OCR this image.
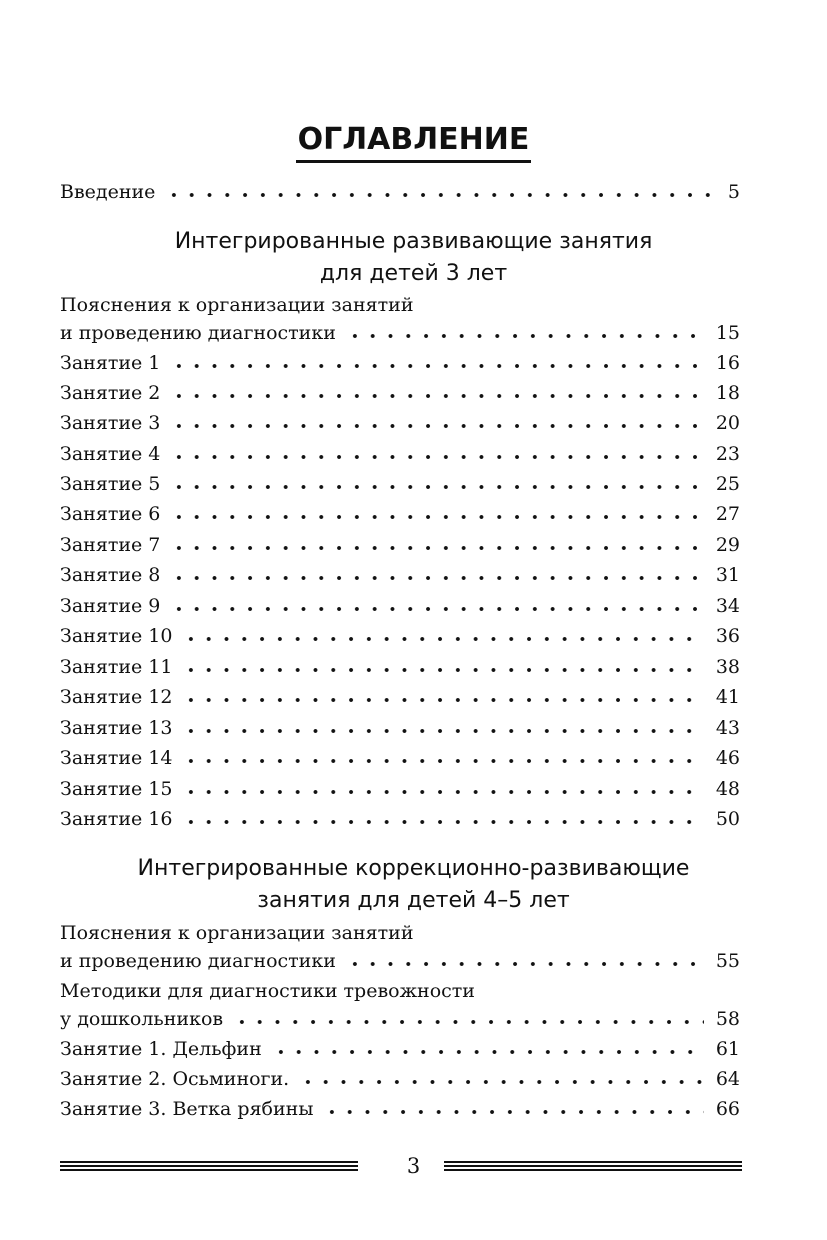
ОГЛАВЛЕНИЕ
Введение	5
Интегрированные развивающие занятия
для детей 3 лет
Пояснения к организации занятий
и проведению диагностики	15
Занятие 1	16
Занятие 2	18
Занятие 3	20
Занятие 4	23
Занятие 5	25
Занятие 6	27
Занятие 7	29
Занятие 8	31
Занятие 9	34
Занятие 10	36
Занятие 11	38
Занятие 12	41
Занятие 13	43
Занятие 14	46
Занятие 15	48
Занятие 16	50
Интегрированные коррекционно-развивающие
занятия для детей 4–5 лет
Пояснения к организации занятий
и проведению диагностики	55
Методики для диагностики тревожности
у дошкольников	58
Занятие 1. Дельфин	61
Занятие 2. Осьминоги.	64
Занятие 3. Ветка рябины	66
3
